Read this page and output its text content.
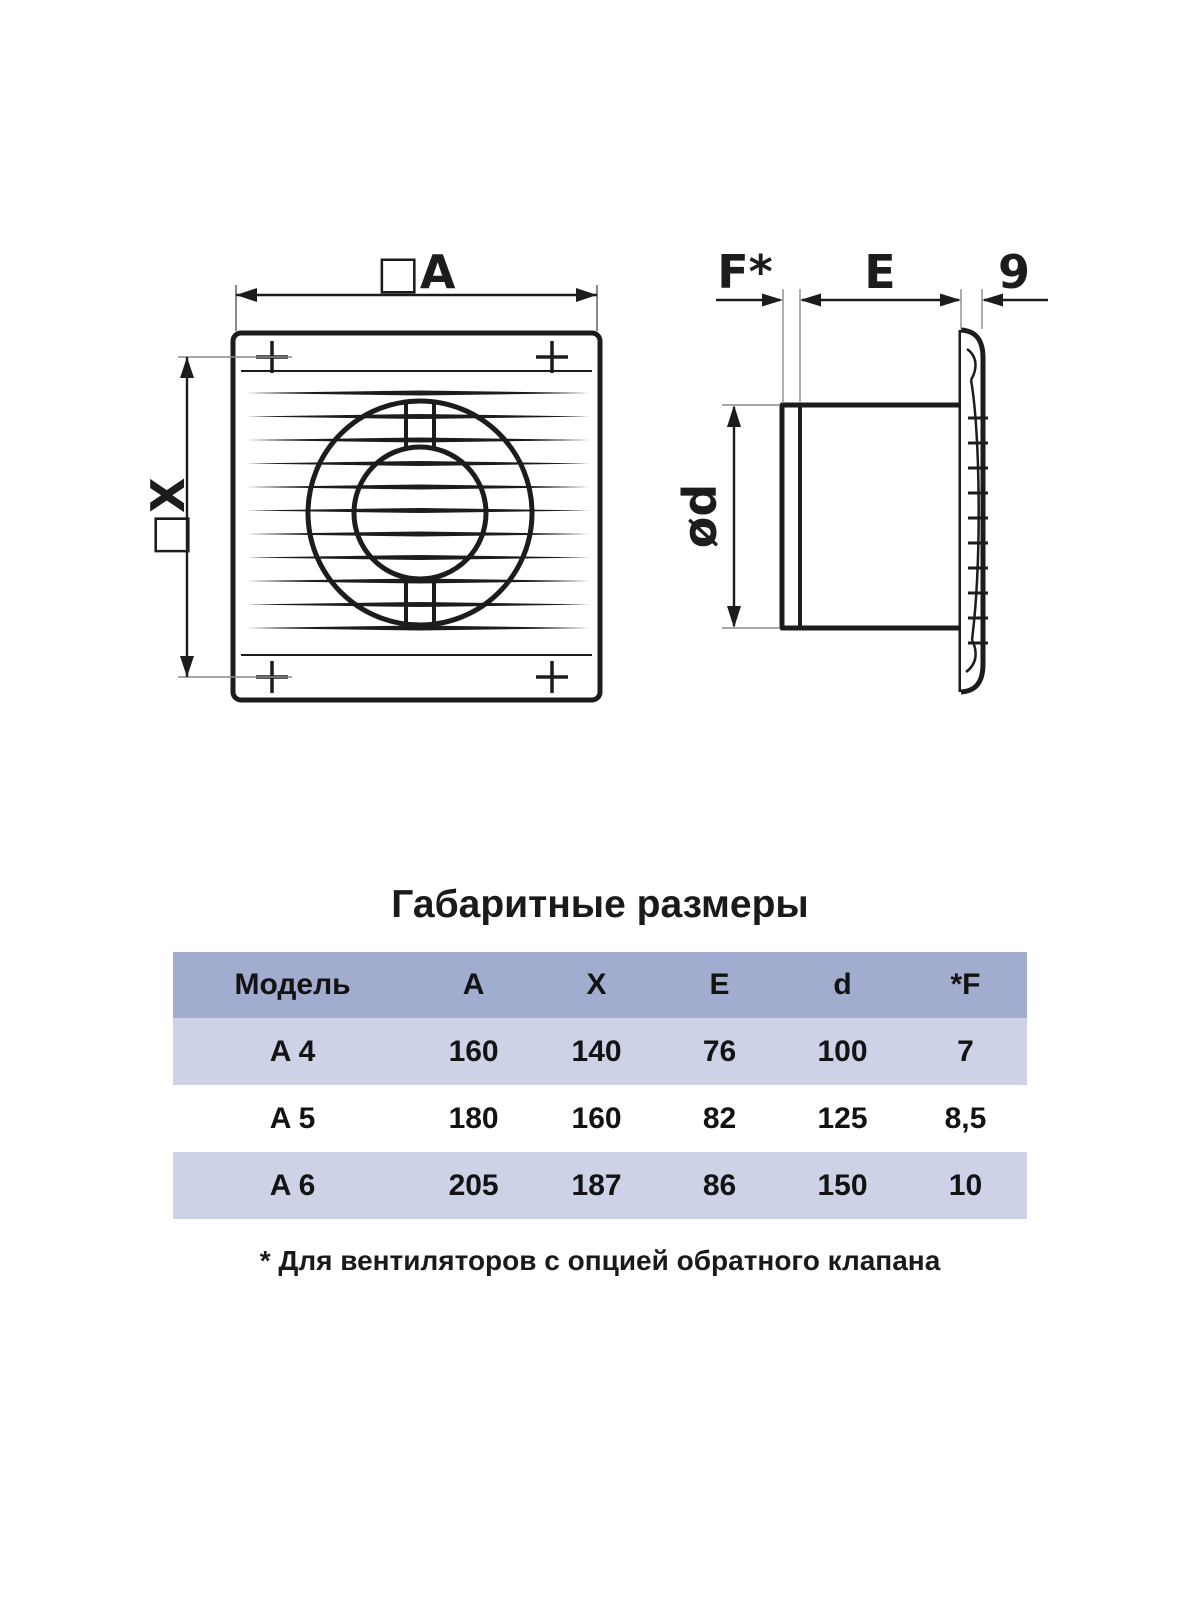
□A
□X
F* E 9
ød
Габаритные размеры
Модель	A	X	E	d	*F
A 4	160	140	76	100	7
A 5	180	160	82	125	8,5
A 6	205	187	86	150	10
* Для вентиляторов с опцией обратного клапана
